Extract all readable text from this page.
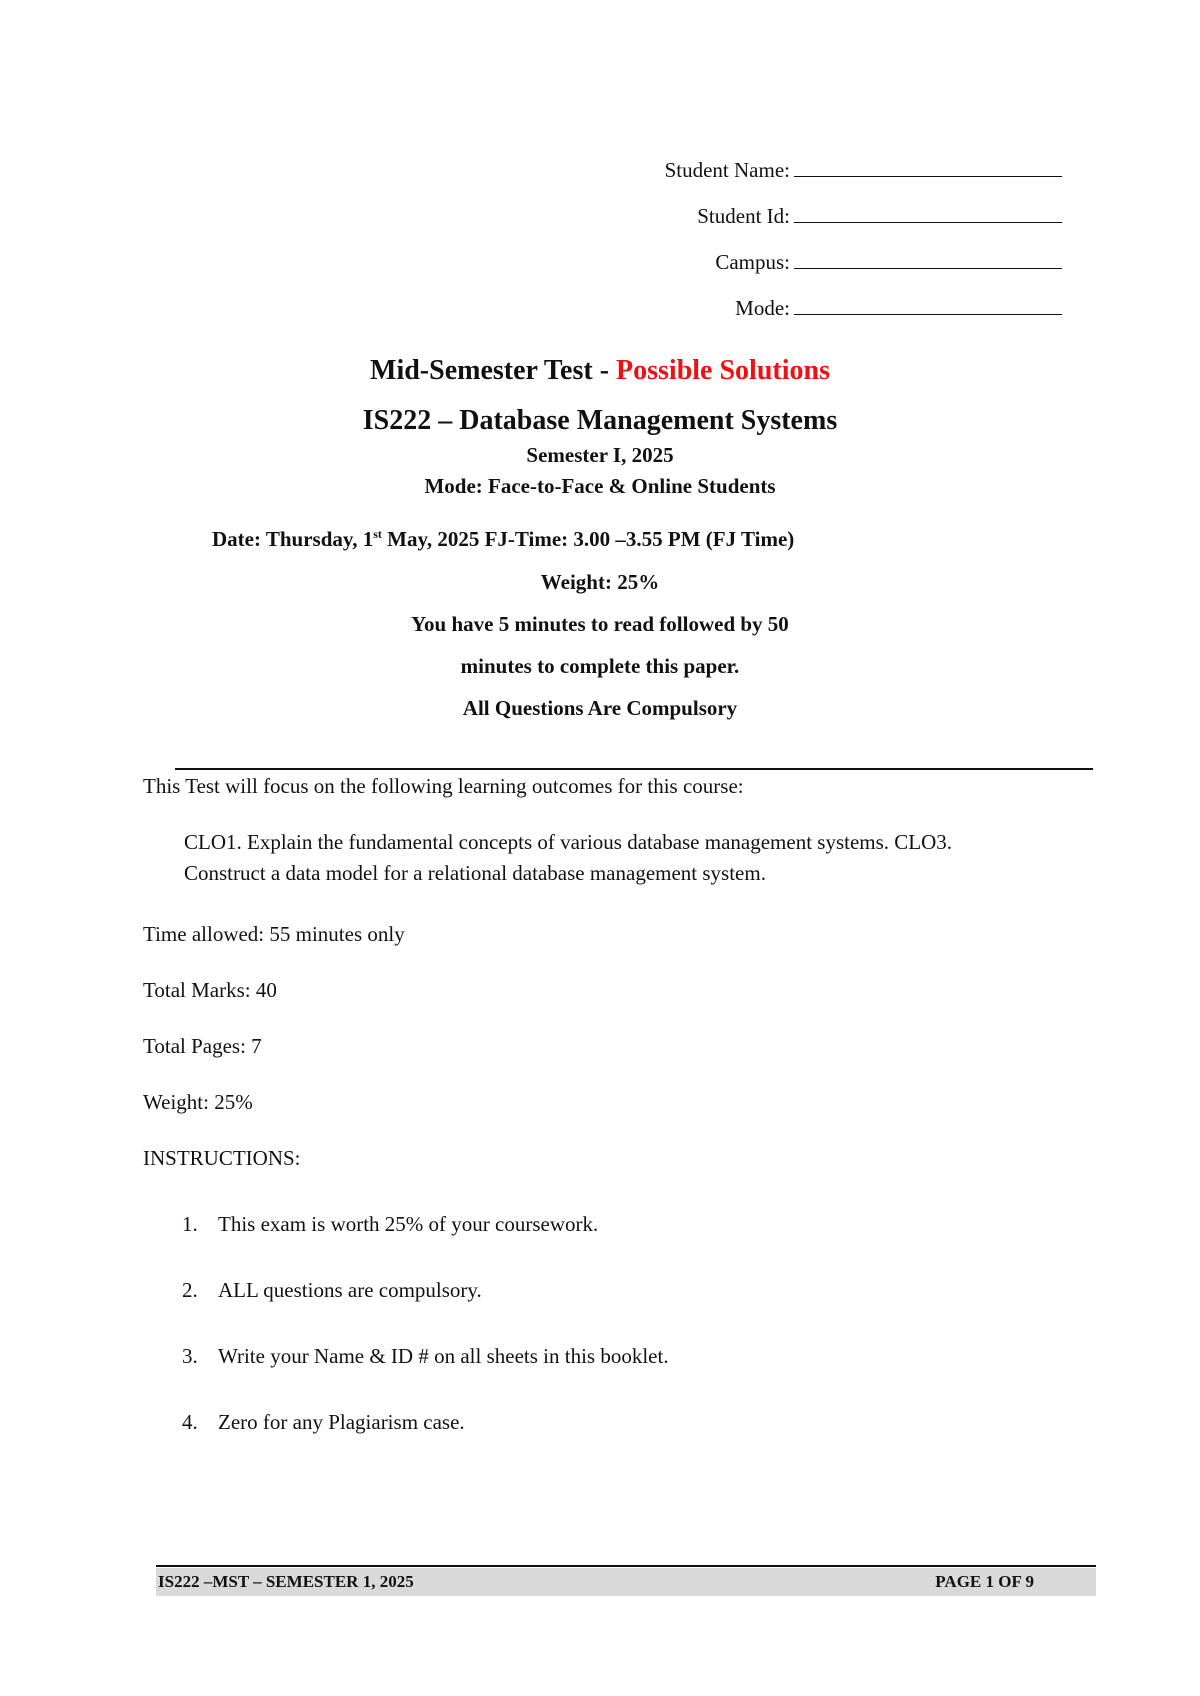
Student Name:
Student Id:
Campus:
Mode:
Mid-Semester Test - Possible Solutions
IS222 – Database Management Systems
Semester I, 2025
Mode: Face-to-Face & Online Students
Date: Thursday, 1st May, 2025 FJ-Time: 3.00 –3.55 PM (FJ Time)
Weight: 25%
You have 5 minutes to read followed by 50
minutes to complete this paper.
All Questions Are Compulsory
This Test will focus on the following learning outcomes for this course:
CLO1. Explain the fundamental concepts of various database management systems. CLO3.
Construct a data model for a relational database management system.
Time allowed: 55 minutes only
Total Marks: 40
Total Pages: 7
Weight: 25%
INSTRUCTIONS:
1. This exam is worth 25% of your coursework.
2. ALL questions are compulsory.
3. Write your Name & ID # on all sheets in this booklet.
4. Zero for any Plagiarism case.
IS222 –MST – SEMESTER 1, 2025	PAGE 1 OF 9
